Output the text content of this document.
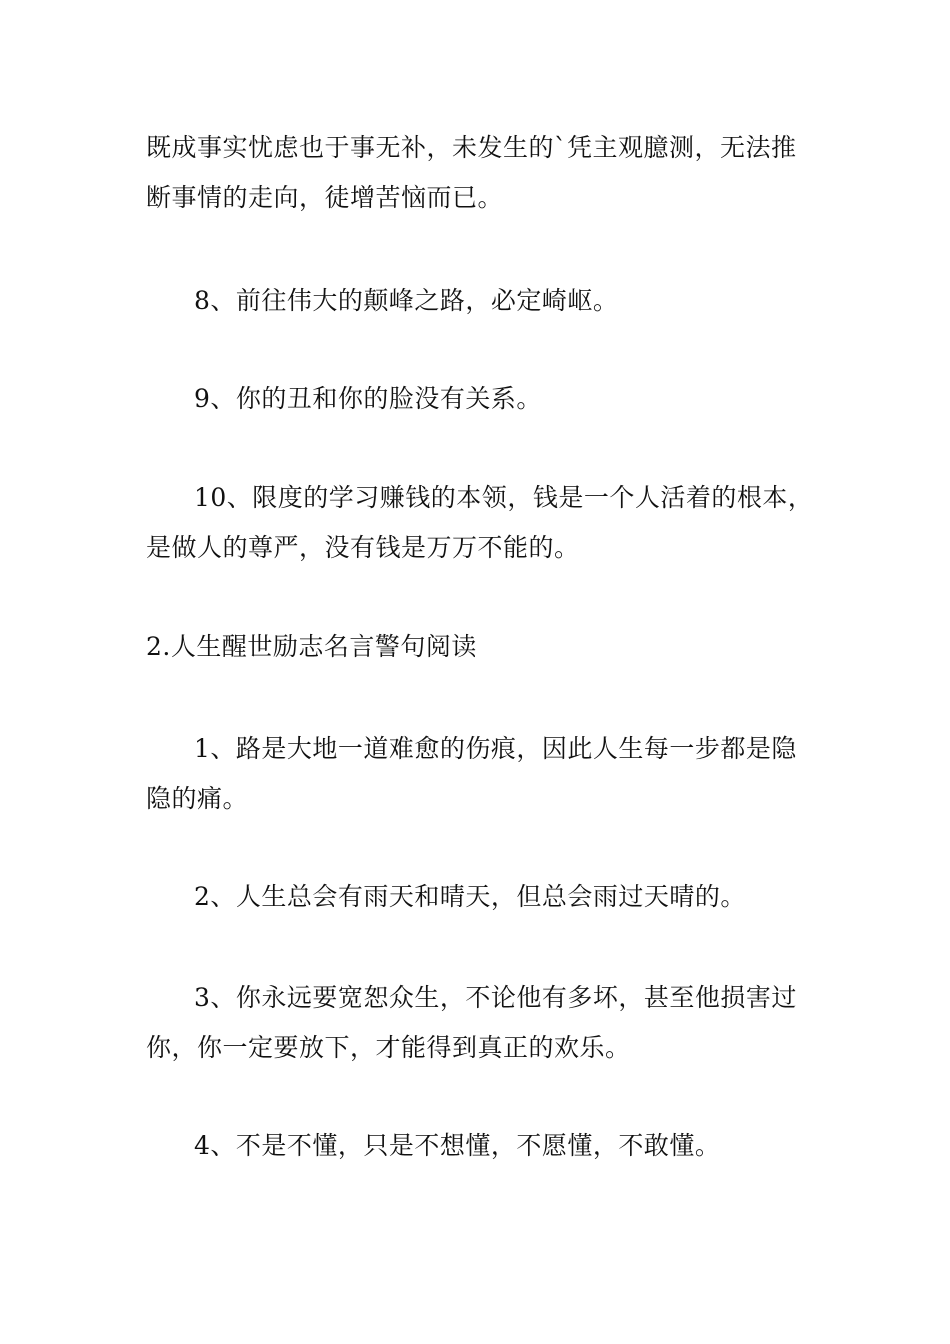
既成事实忧虑也于事无补，未发生的`凭主观臆测，无法推
断事情的走向，徒增苦恼而已。
8、前往伟大的颠峰之路，必定崎岖。
9、你的丑和你的脸没有关系。
10、限度的学习赚钱的本领，钱是一个人活着的根本，
是做人的尊严，没有钱是万万不能的。
2.人生醒世励志名言警句阅读
1、路是大地一道难愈的伤痕，因此人生每一步都是隐
隐的痛。
2、人生总会有雨天和晴天，但总会雨过天晴的。
3、你永远要宽恕众生，不论他有多坏，甚至他损害过
你，你一定要放下，才能得到真正的欢乐。
4、不是不懂，只是不想懂，不愿懂，不敢懂。
